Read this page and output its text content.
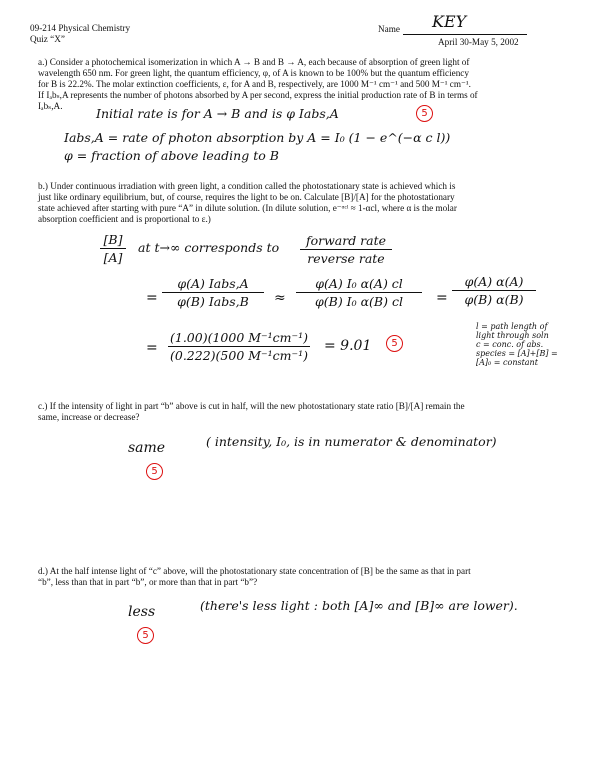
09-214 Physical Chemistry
Quiz “X”
Name KEY
April 30-May 5, 2002
a.) Consider a photochemical isomerization in which A → B and B → A, each because of absorption of green light of
wavelength 650 nm. For green light, the quantum efficiency, φ, of A is known to be 100% but the quantum efficiency
for B is 22.2%. The molar extinction coefficients, ε, for A and B, respectively, are 1000 M⁻¹ cm⁻¹ and 500 M⁻¹ cm⁻¹.
If Iₐbₛ,A represents the number of photons absorbed by A per second, express the initial production rate of B in terms of
Iₐbₛ,A.	Initial rate is for A → B and is φ Iabs,A	5
Iabs,A = rate of photon absorption by A = I₀ (1 − e^(−α c l))
φ = fraction of above leading to B
b.) Under continuous irradiation with green light, a condition called the photostationary state is achieved which is
just like ordinary equilibrium, but, of course, requires the light to be on. Calculate [B]/[A] for the photostationary
state achieved after starting with pure “A” in dilute solution. (In dilute solution, e⁻ᵅᶜˡ ≈ 1-αcl, where α is the molar
absorption coefficient and is proportional to ε.)
[B]
[A]
at t→∞ corresponds to	forward rate
reverse rate
=
φ(A) Iabs,A
φ(B) Iabs,B	≈
φ(A) I₀ α(A) cl
φ(B) I₀ α(B) cl	=
φ(A) α(A)
φ(B) α(B)
=
(1.00)(1000 M⁻¹cm⁻¹)
(0.222)(500 M⁻¹cm⁻¹)
= 9.01	5
l = path length of
light through soln
c = conc. of abs.
species = [A]+[B] =
[A]₀ = constant
c.) If the intensity of light in part “b” above is cut in half, will the new photostationary state ratio [B]/[A] remain the
same, increase or decrease?
same	( intensity, I₀, is in numerator & denominator)
5
d.) At the half intense light of “c” above, will the photostationary state concentration of [B] be the same as that in part
“b”, less than that in part “b”, or more than that in part “b”?
less	(there's less light : both [A]∞ and [B]∞ are lower).
5
